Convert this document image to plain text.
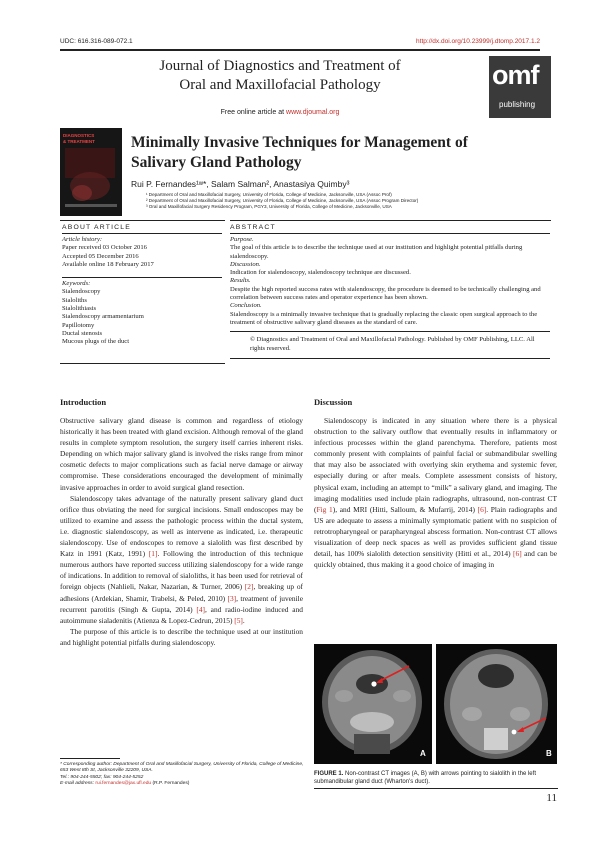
UDC: 616.316-089-072.1	http://dx.doi.org/10.23999/j.dtomp.2017.1.2
Journal of Diagnostics and Treatment of
Oral and Maxillofacial Pathology
Free online article at www.djoumal.org
omf
publishing
DIAGNOSTICS
& TREATMENT Minimally Invasive Techniques for Management of
Salivary Gland Pathology
Rui P. Fernandes¹ʷ*, Salam Salman², Anastasiya Quimby³
¹ Department of Oral and Maxillofacial Surgery, University of Florida, College of Medicine, Jacksonville, USA (Assoc Prof)
² Department of Oral and Maxillofacial Surgery, University of Florida, College of Medicine, Jacksonville, USA (Assoc Program Director)
³ Oral and Maxillofacial Surgery Residency Program, PGY3, University of Florida, College of Medicine, Jacksonville, USA
ABOUT ARTICLE
Article history:
Paper received 03 October 2016
Accepted 05 December 2016
Available online 18 February 2017
Keywords:
Sialendoscopy
Sialoliths
Sialolithiasis
Sialendoscopy armamentarium
Papillotomy
Ductal stenosis
Mucous plugs of the duct
ABSTRACT
Purpose.
The goal of this article is to describe the technique used at our institution and highlight potential pitfalls during sialendoscopy.
Discussion.
Indication for sialendoscopy, sialendoscopy technique are discussed.
Results.
Despite the high reported success rates with sialendoscopy, the procedure is deemed to be technically challenging and correlation between success rates and operator experience has been shown.
Conclusion.
Sialendoscopy is a minimally invasive technique that is gradually replacing the classic open surgical approach to the treatment of obstructive salivary gland diseases as the standard of care.
© Diagnostics and Treatment of Oral and Maxillofacial Pathology. Published by OMF Publishing, LLC. All rights reserved.
Introduction

Obstructive salivary gland disease is common and regardless of etiology historically it has been treated with gland excision. Although removal of the gland results in complete symptom resolution, the surgery itself carries inherent risks. Depending on which major salivary gland is involved the risks range from minor cosmetic defects to major complications such as facial nerve damage or airway compromise. These considerations encouraged the development of minimally invasive approaches in order to avoid surgical gland resection.

Sialendoscopy takes advantage of the naturally present salivary gland duct orifice thus obviating the need for surgical incisions. Small endoscopes may be utilized to examine and assess the pathologic process within the ductal system, i.e. diagnostic sialendoscopy, as well as intervene as indicated, i.e. therapeutic sialendoscopy. Use of endoscopes to remove a sialolith was first described by Katz in 1991 (Katz, 1991) [1]. Following the introduction of this technique numerous authors have reported success utilizing sialendoscopy for a wide range of indications. In addition to removal of sialoliths, it has been used for retrieval of foreign objects (Nahlieli, Nakar, Nazarian, & Turner, 2006) [2], breaking up of adhesions (Ardekian, Shamir, Trabelsi, & Peled, 2010) [3], treatment of juvenile recurrent parotitis (Singh & Gupta, 2014) [4], and radio-iodine induced and autoimmune sialadenitis (Atienza & Lopez-Cedrun, 2015) [5].

The purpose of this article is to describe the technique used at our institution and highlight potential pitfalls during sialendoscopy.

* Corresponding author: Department of Oral and Maxillofacial Surgery, University of Florida, College of Medicine, 653 West 8th St, Jacksonville 32209, USA.
Tel.: 904-244-5502; fax: 904-244-5252
E-mail address: rui.fernandes@jax.ufl.edu (R.P. Fernandes)
Discussion

Sialendoscopy is indicated in any situation where there is a physical obstruction to the salivary outflow that eventually results in inflammatory or infectious processes within the gland parenchyma. Therefore, patients most commonly present with complaints of painful facial or submandibular swelling that may also be associated with overlying skin erythema and systemic fever, especially during or after meals. Complete assessment consists of history, physical exam, including an attempt to “milk” a salivary gland, and imaging. The imaging modalities used include plain radiographs, ultrasound, non-contrast CT (Fig 1), and MRI (Hitti, Salloum, & Mufarrij, 2014) [6]. Plain radiographs and US are adequate to assess a minimally symptomatic patient with no suspicion of retrotropharyngeal or parapharyngeal abscess formation. Non-contrast CT allows visualization of deep neck spaces as well as provides sufficient gland tissue detail, has 100% sialolith detection sensitivity (Hitti et al., 2014) [6] and can be quickly obtained, thus making it a good choice of imaging in

A	B
FIGURE 1. Non-contrast CT images (A, B) with arrows pointing to sialolith in the left submandibular gland duct (Wharton's duct).
11
